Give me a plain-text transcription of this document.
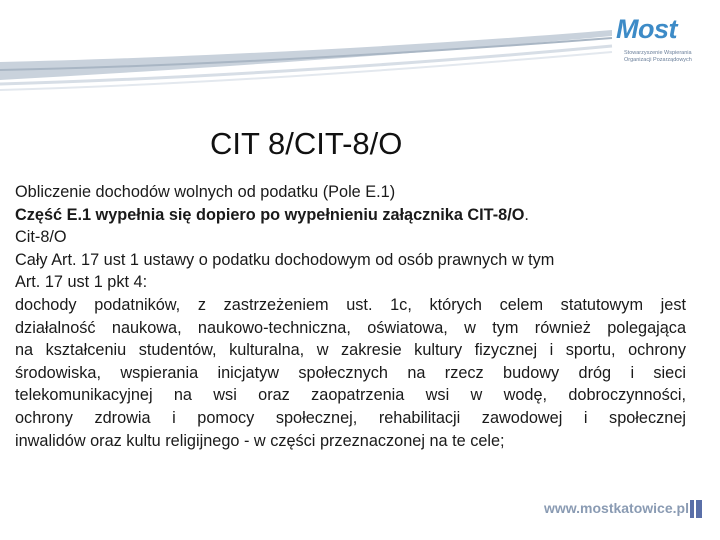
Most
Stowarzyszenie Wspierania
Organizacji Pozarządowych
CIT 8/CIT-8/O
Obliczenie dochodów wolnych od podatku (Pole E.1)
Część E.1 wypełnia się dopiero po wypełnieniu załącznika CIT-8/O.
Cit-8/O
Cały Art. 17 ust 1 ustawy o podatku dochodowym od osób prawnych w tym
Art. 17 ust 1 pkt 4:
dochody podatników, z zastrzeżeniem ust. 1c, których celem statutowym jest
działalność naukowa, naukowo-techniczna, oświatowa, w tym również polegająca
na kształceniu studentów, kulturalna, w zakresie kultury fizycznej i sportu, ochrony
środowiska, wspierania inicjatyw społecznych na rzecz budowy dróg i sieci
telekomunikacyjnej na wsi oraz zaopatrzenia wsi w wodę, dobroczynności,
ochrony zdrowia i pomocy społecznej, rehabilitacji zawodowej i społecznej
inwalidów oraz kultu religijnego - w części przeznaczonej na te cele;
www.mostkatowice.pl
